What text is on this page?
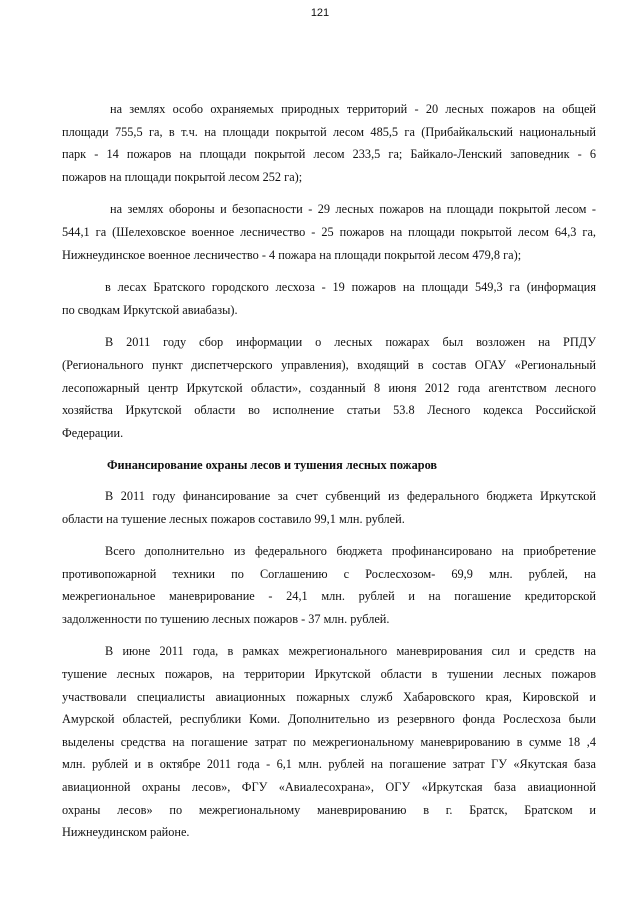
121
на землях особо охраняемых природных территорий - 20 лесных пожаров на общей
площади 755,5 га, в т.ч. на площади покрытой лесом 485,5 га (Прибайкальский национальный
парк - 14 пожаров на площади покрытой лесом 233,5 га; Байкало-Ленский заповедник - 6
пожаров на площади покрытой лесом 252 га);
на землях обороны и безопасности - 29 лесных пожаров на площади покрытой лесом -
544,1 га (Шелеховское военное лесничество - 25 пожаров на площади покрытой лесом 64,3 га,
Нижнеудинское военное лесничество - 4 пожара на площади покрытой лесом 479,8 га);
в лесах Братского городского лесхоза - 19 пожаров на площади 549,3 га (информация
по сводкам Иркутской авиабазы).
В 2011 году сбор информации о лесных пожарах был возложен на РПДУ
(Регионального пункт диспетчерского управления), входящий в состав ОГАУ «Региональный
лесопожарный центр Иркутской области», созданный 8 июня 2012 года агентством лесного
хозяйства Иркутской области во исполнение статьи 53.8 Лесного кодекса Российской
Федерации.
Финансирование охраны лесов и тушения лесных пожаров
В 2011 году финансирование за счет субвенций из федерального бюджета Иркутской
области на тушение лесных пожаров составило 99,1 млн. рублей.
Всего дополнительно из федерального бюджета профинансировано на приобретение
противопожарной техники по Соглашению с Рослесхозом- 69,9 млн. рублей, на
межрегиональное маневрирование - 24,1 млн. рублей и на погашение кредиторской
задолженности по тушению лесных пожаров - 37 млн. рублей.
В июне 2011 года, в рамках межрегионального маневрирования сил и средств на
тушение лесных пожаров, на территории Иркутской области в тушении лесных пожаров
участвовали специалисты авиационных пожарных служб Хабаровского края, Кировской и
Амурской областей, республики Коми. Дополнительно из резервного фонда Рослесхоза были
выделены средства на погашение затрат по межрегиональному маневрированию в сумме 18 ,4
млн. рублей и в октябре 2011 года - 6,1 млн. рублей на погашение затрат ГУ «Якутская база
авиационной охраны лесов», ФГУ «Авиалесохрана», ОГУ «Иркутская база авиационной
охраны лесов» по межрегиональному маневрированию в г. Братск, Братском и
Нижнеудинском районе.
